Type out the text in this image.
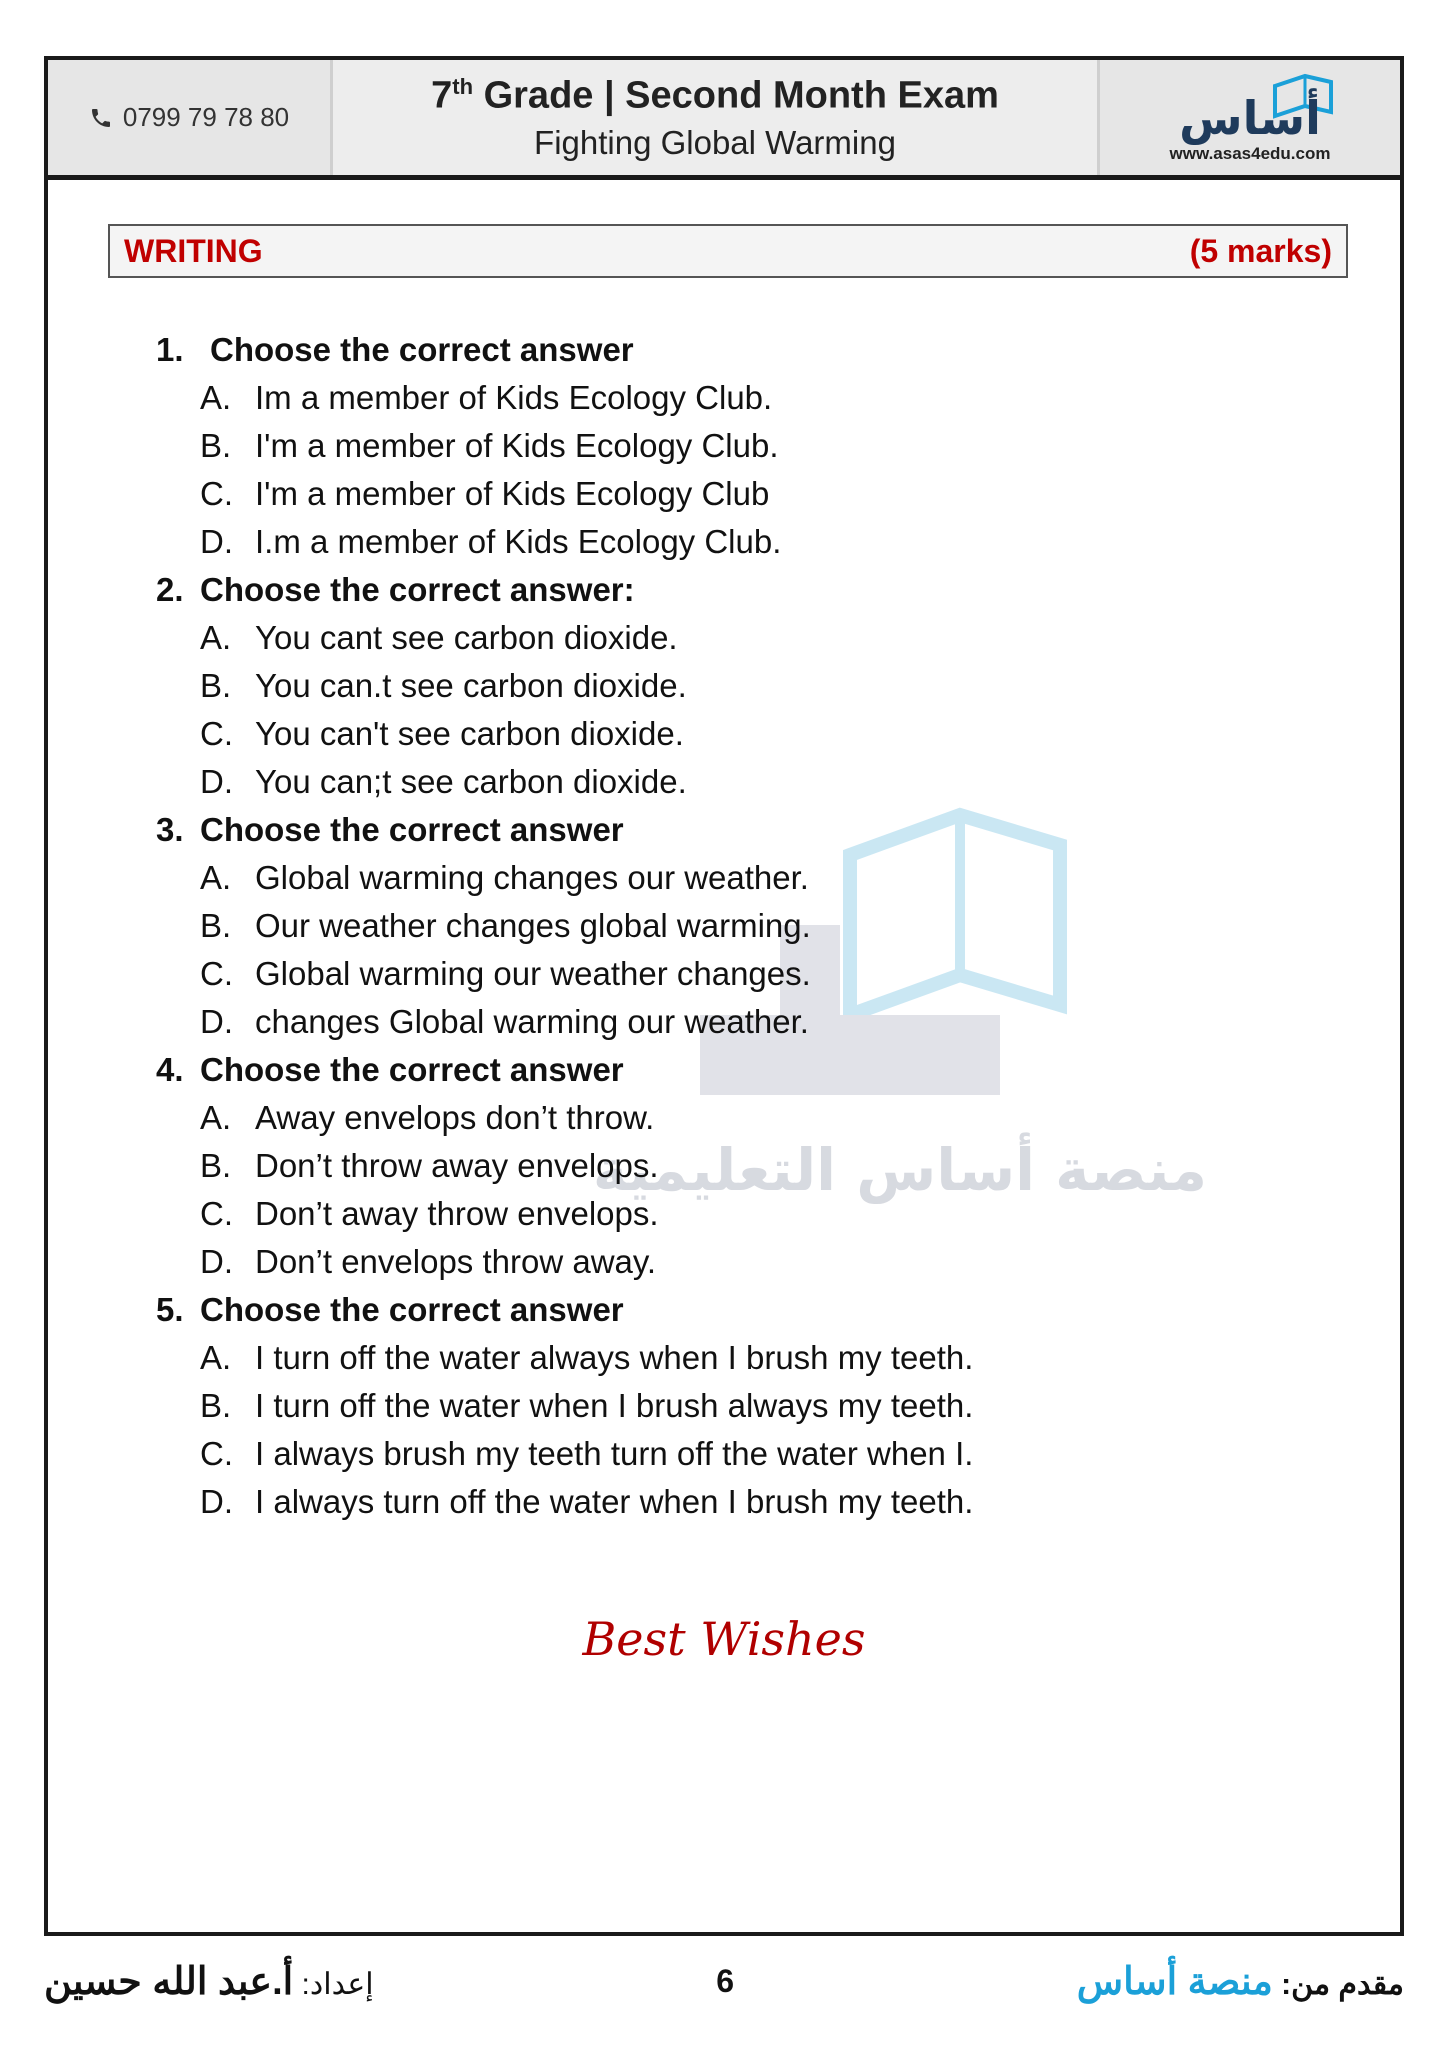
0799 79 78 80
7th Grade | Second Month Exam
Fighting Global Warming	أساس
www.asas4edu.com
WRITING	(5 marks)
منصة أساس التعليمية
1. Choose the correct answer
A. Im a member of Kids Ecology Club.
B. I'm a member of Kids Ecology Club.
C. I'm a member of Kids Ecology Club
D. I.m a member of Kids Ecology Club.
2. Choose the correct answer:
A. You cant see carbon dioxide.
B. You can.t see carbon dioxide.
C. You can't see carbon dioxide.
D. You can;t see carbon dioxide.
3. Choose the correct answer
A. Global warming changes our weather.
B. Our weather changes global warming.
C. Global warming our weather changes.
D. changes Global warming our weather.
4. Choose the correct answer
A. Away envelops don’t throw.
B. Don’t throw away envelops.
C. Don’t away throw envelops.
D. Don’t envelops throw away.
5. Choose the correct answer
A. I turn off the water always when I brush my teeth.
B. I turn off the water when I brush always my teeth.
C. I always brush my teeth turn off the water when I.
D. I always turn off the water when I brush my teeth.
Best Wishes
إعداد: أ.عبد الله حسين	6	مقدم من: منصة أساس
